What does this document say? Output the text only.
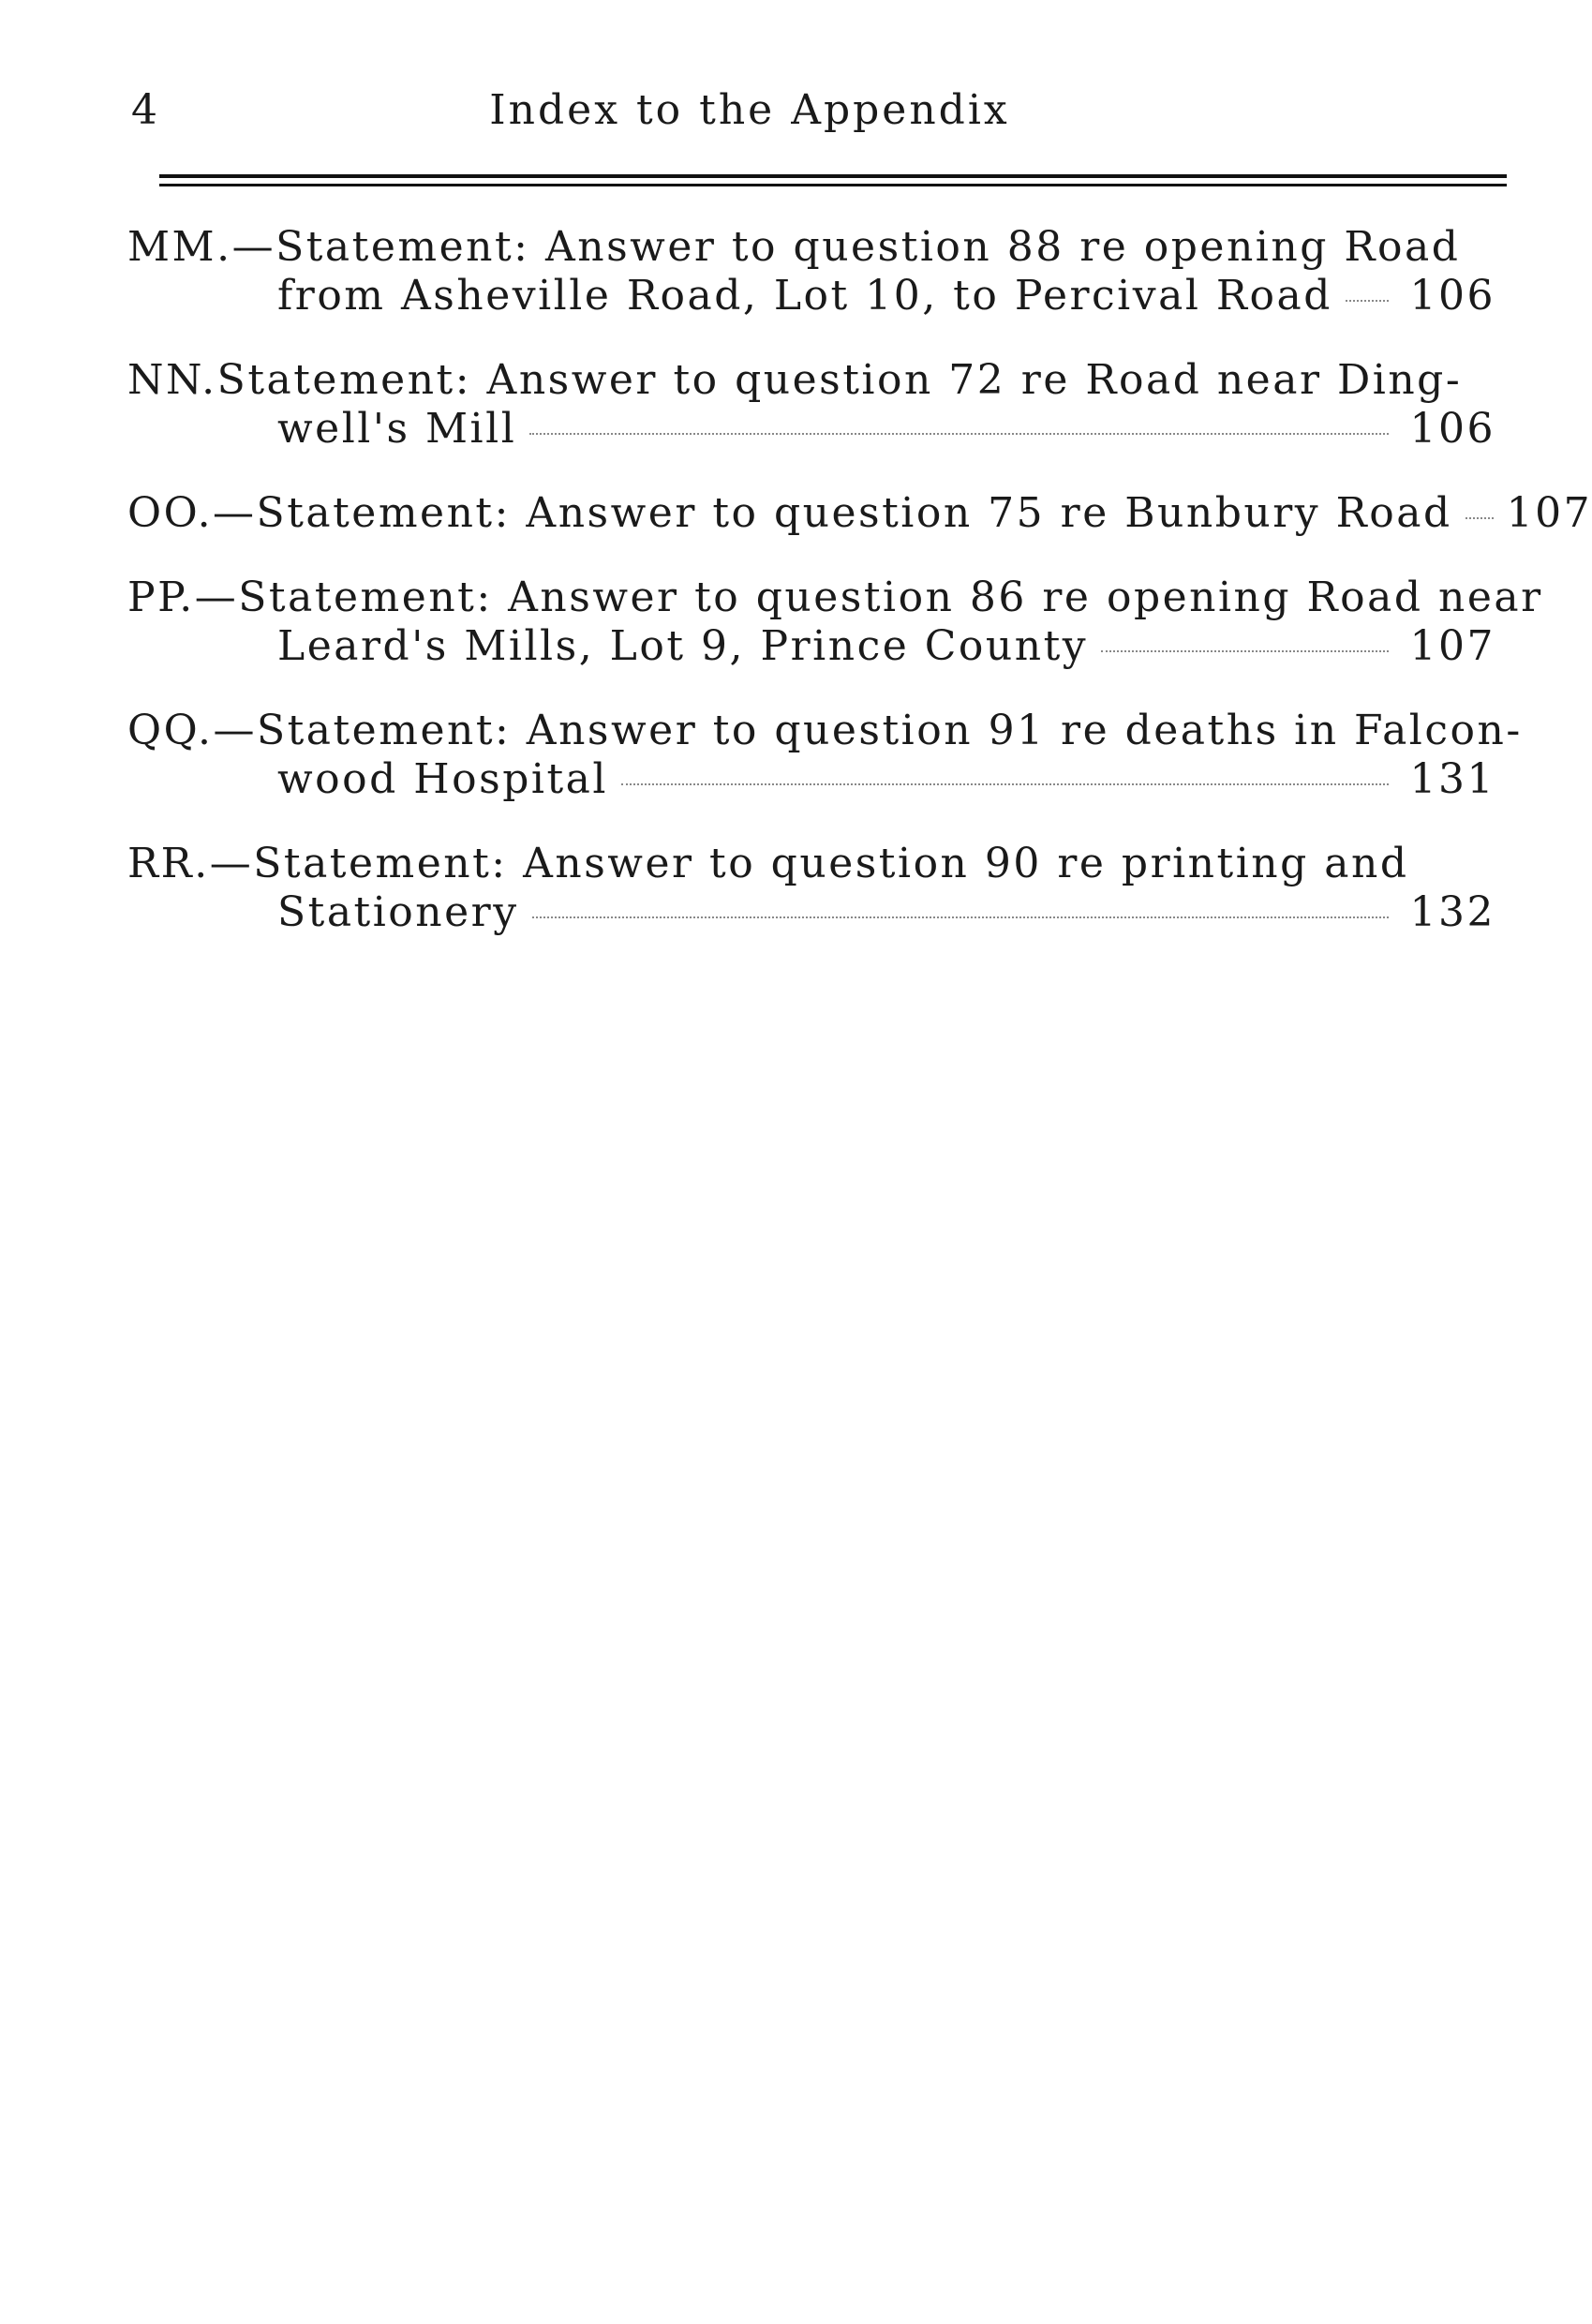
4	Index to the Appendix
MM.—Statement: Answer to question 88 re opening Road
from Asheville Road, Lot 10, to Percival Road 106
NN.Statement: Answer to question 72 re Road near Ding-
well's Mill	106
OO.—Statement: Answer to question 75 re Bunbury Road 107
PP.—Statement: Answer to question 86 re opening Road near
Leard's Mills, Lot 9, Prince County	107
QQ.—Statement: Answer to question 91 re deaths in Falcon-
wood Hospital	131
RR.—Statement: Answer to question 90 re printing and
Stationery	132
